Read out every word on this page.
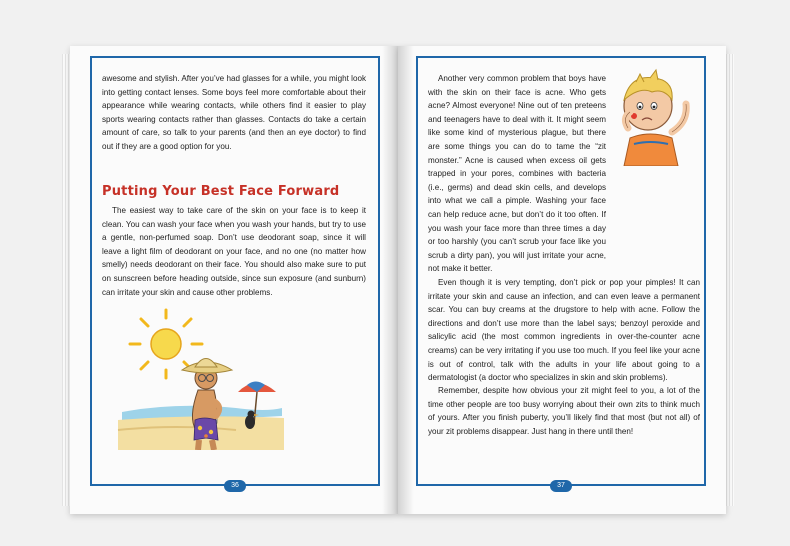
awesome and stylish. After you’ve had glasses for a while, you might look into getting contact lenses. Some boys feel more comfortable about their appearance while wearing contacts, while others find it easier to play sports wearing contacts rather than glasses. Contacts do take a certain amount of care, so talk to your parents (and then an eye doctor) to find out if they are a good option for you.
Putting Your Best Face Forward
The easiest way to take care of the skin on your face is to keep it clean. You can wash your face when you wash your hands, but try to use a gentle, non-perfumed soap. Don’t use deodorant soap, since it will leave a light film of deodorant on your face, and no one (no matter how smelly) needs deodorant on their face. You should also make sure to put on sunscreen before heading outside, since sun exposure (and sunburn) can irritate your skin and cause other problems.
36
Another very common problem that boys have with the skin on their face is acne. Who gets acne? Almost everyone! Nine out of ten preteens and teenagers have to deal with it. It might seem like some kind of mysterious plague, but there are some things you can do to tame the “zit monster.” Acne is caused when excess oil gets trapped in your pores, combines with bacteria (i.e., germs) and dead skin cells, and develops into what we call a pimple. Washing your face can help reduce acne, but don’t do it too often. If you wash your face more than three times a day or too harshly (you can’t scrub your face like you scrub a dirty pan), you will just irritate your acne, not make it better.
Even though it is very tempting, don’t pick or pop your pimples! It can irritate your skin and cause an infection, and can even leave a permanent scar. You can buy creams at the drugstore to help with acne. Follow the directions and don’t use more than the label says; benzoyl peroxide and salicylic acid (the most common ingredients in over-the-counter acne creams) can be very irritating if you use too much. If you feel like your acne is out of control, talk with the adults in your life about going to a dermatologist (a doctor who specializes in skin and skin problems).
Remember, despite how obvious your zit might feel to you, a lot of the time other people are too busy worrying about their own zits to think much of yours. After you finish puberty, you’ll likely find that most (but not all) of your zit problems disappear. Just hang in there until then!
37
